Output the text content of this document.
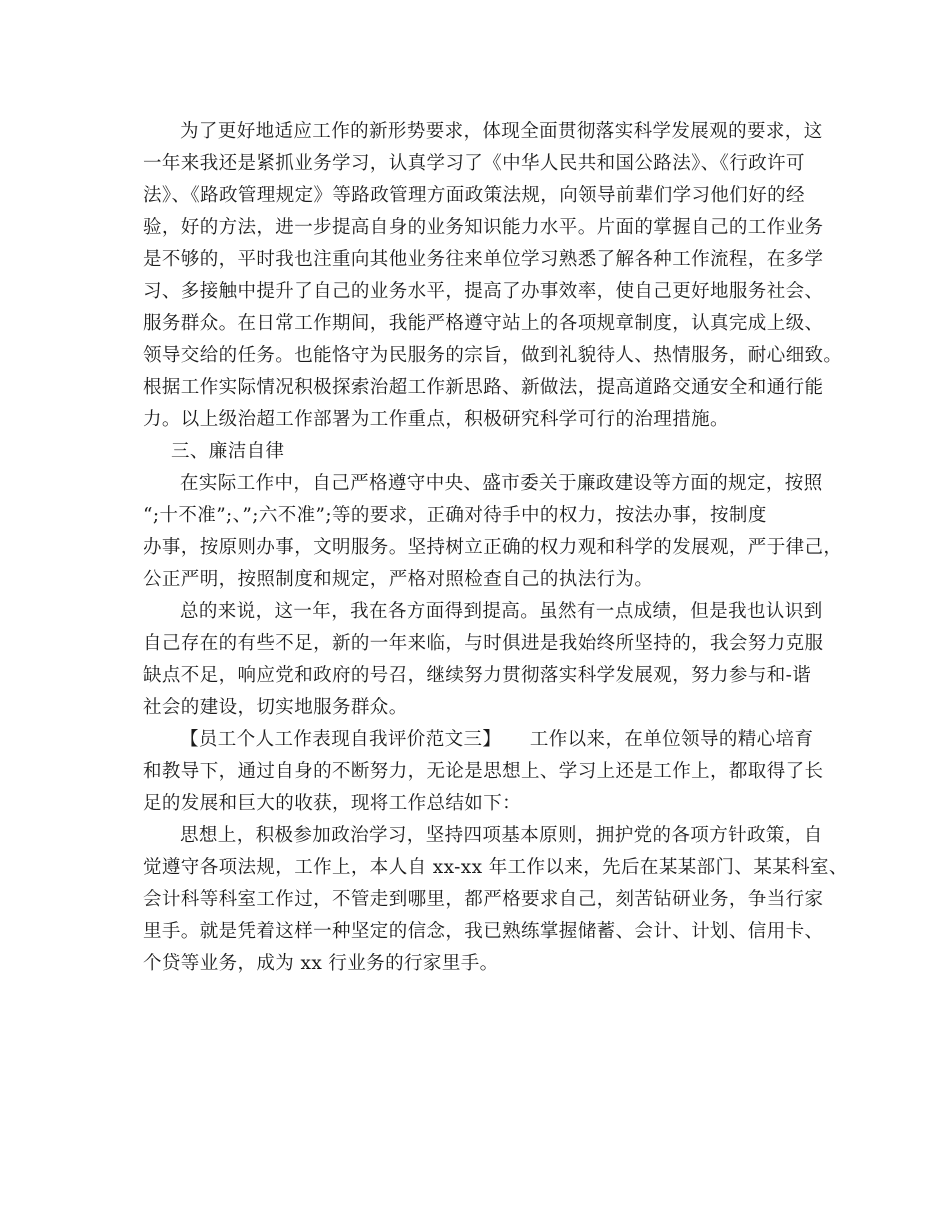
为了更好地适应工作的新形势要求，体现全面贯彻落实科学发展观的要求，这
一年来我还是紧抓业务学习，认真学习了《中华人民共和国公路法》、《行政许可
法》、《路政管理规定》等路政管理方面政策法规，向领导前辈们学习他们好的经
验，好的方法，进一步提高自身的业务知识能力水平。片面的掌握自己的工作业务
是不够的，平时我也注重向其他业务往来单位学习熟悉了解各种工作流程，在多学
习、多接触中提升了自己的业务水平，提高了办事效率，使自己更好地服务社会、
服务群众。在日常工作期间，我能严格遵守站上的各项规章制度，认真完成上级、
领导交给的任务。也能恪守为民服务的宗旨，做到礼貌待人、热情服务，耐心细致。
根据工作实际情况积极探索治超工作新思路、新做法，提高道路交通安全和通行能
力。以上级治超工作部署为工作重点，积极研究科学可行的治理措施。
三、廉洁自律
在实际工作中，自己严格遵守中央、盛市委关于廉政建设等方面的规定，按照
“;十不准”;、”;六不准”;等的要求，正确对待手中的权力，按法办事，按制度
办事，按原则办事，文明服务。坚持树立正确的权力观和科学的发展观，严于律己，
公正严明，按照制度和规定，严格对照检查自己的执法行为。
总的来说，这一年，我在各方面得到提高。虽然有一点成绩，但是我也认识到
自己存在的有些不足，新的一年来临，与时俱进是我始终所坚持的，我会努力克服
缺点不足，响应党和政府的号召，继续努力贯彻落实科学发展观，努力参与和-谐
社会的建设，切实地服务群众。
【员工个人工作表现自我评价范文三】　　工作以来，在单位领导的精心培育
和教导下，通过自身的不断努力，无论是思想上、学习上还是工作上，都取得了长
足的发展和巨大的收获，现将工作总结如下：
思想上，积极参加政治学习，坚持四项基本原则，拥护党的各项方针政策，自
觉遵守各项法规，工作上，本人自 xx-xx 年工作以来，先后在某某部门、某某科室、
会计科等科室工作过，不管走到哪里，都严格要求自己，刻苦钻研业务，争当行家
里手。就是凭着这样一种坚定的信念，我已熟练掌握储蓄、会计、计划、信用卡、
个贷等业务，成为 xx 行业务的行家里手。
